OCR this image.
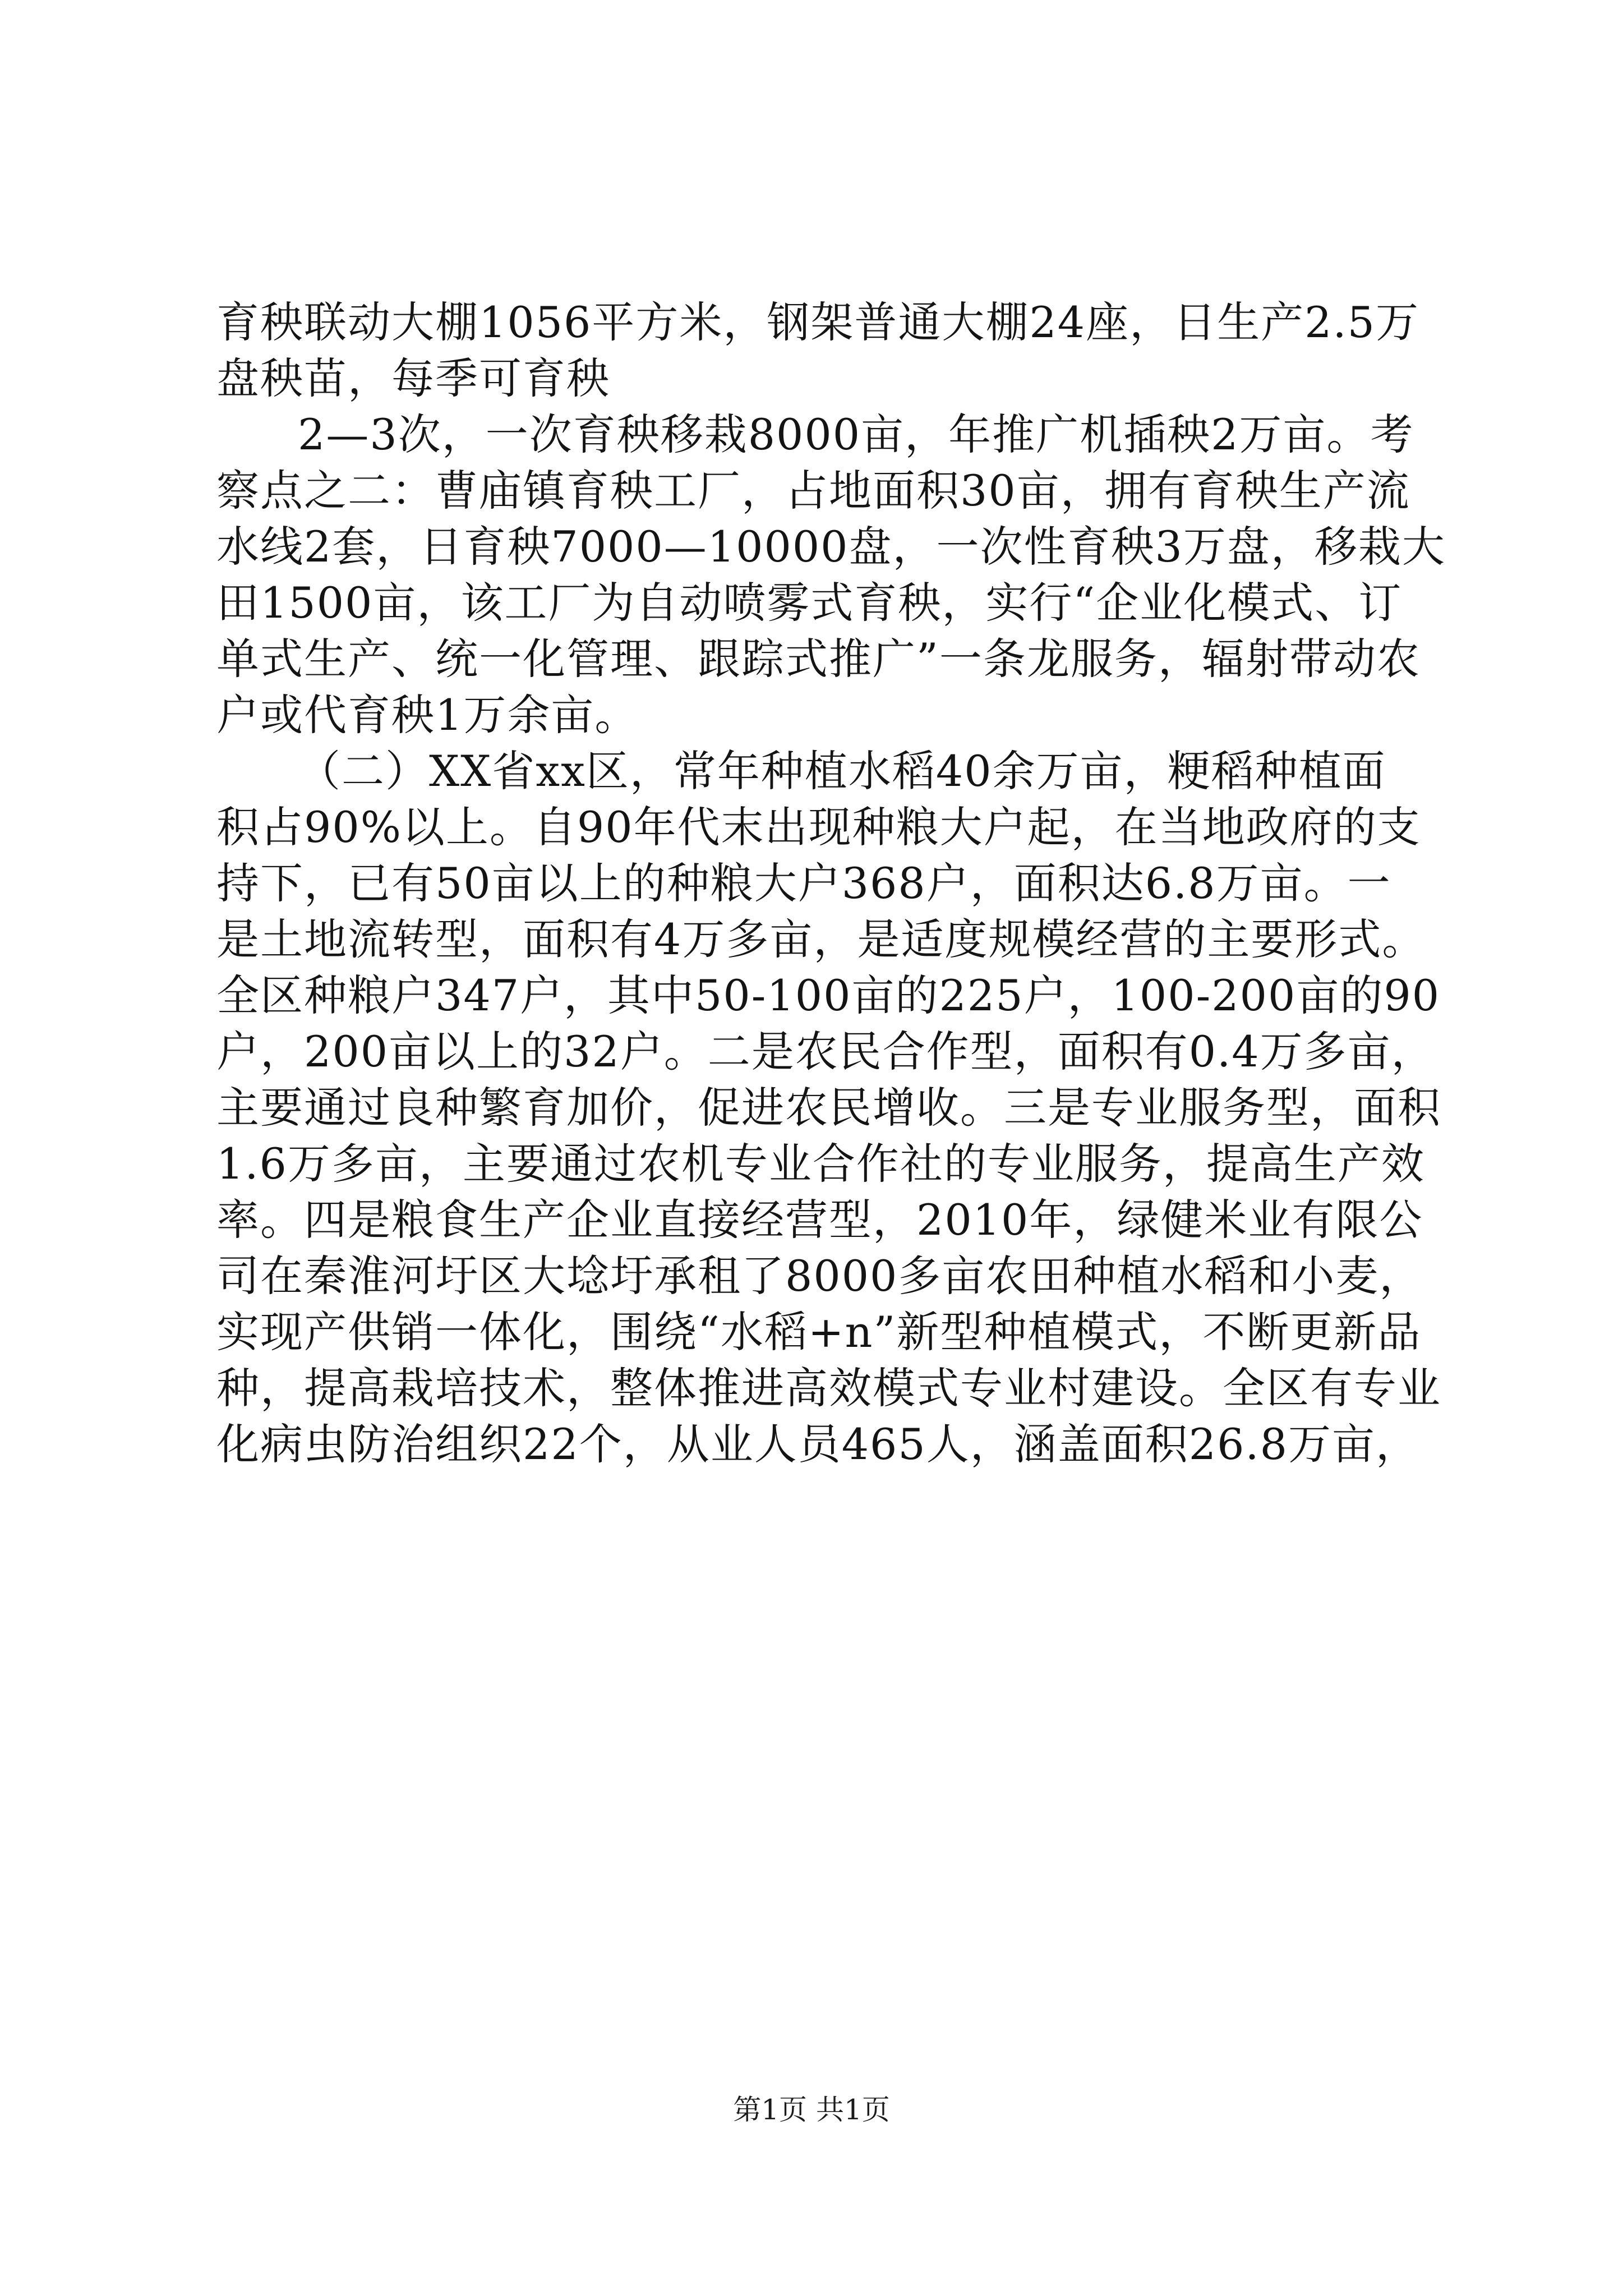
育秧联动大棚1056平方米，钢架普通大棚24座，日生产2.5万
盘秧苗，每季可育秧
2—3次，一次育秧移栽8000亩，年推广机插秧2万亩。考
察点之二：曹庙镇育秧工厂，占地面积30亩，拥有育秧生产流
水线2套，日育秧7000—10000盘，一次性育秧3万盘，移栽大
田1500亩，该工厂为自动喷雾式育秧，实行“企业化模式、订
单式生产、统一化管理、跟踪式推广”一条龙服务，辐射带动农
户或代育秧1万余亩。
（二）XX省xx区，常年种植水稻40余万亩，粳稻种植面
积占90%以上。自90年代末出现种粮大户起，在当地政府的支
持下，已有50亩以上的种粮大户368户，面积达6.8万亩。一
是土地流转型，面积有4万多亩，是适度规模经营的主要形式。
全区种粮户347户，其中50-100亩的225户，100-200亩的90
户，200亩以上的32户。二是农民合作型，面积有0.4万多亩，
主要通过良种繁育加价，促进农民增收。三是专业服务型，面积
1.6万多亩，主要通过农机专业合作社的专业服务，提高生产效
率。四是粮食生产企业直接经营型，2010年，绿健米业有限公
司在秦淮河圩区大埝圩承租了8000多亩农田种植水稻和小麦，
实现产供销一体化，围绕“水稻+n”新型种植模式，不断更新品
种，提高栽培技术，整体推进高效模式专业村建设。全区有专业
化病虫防治组织22个，从业人员465人，涵盖面积26.8万亩，
第1页 共1页
